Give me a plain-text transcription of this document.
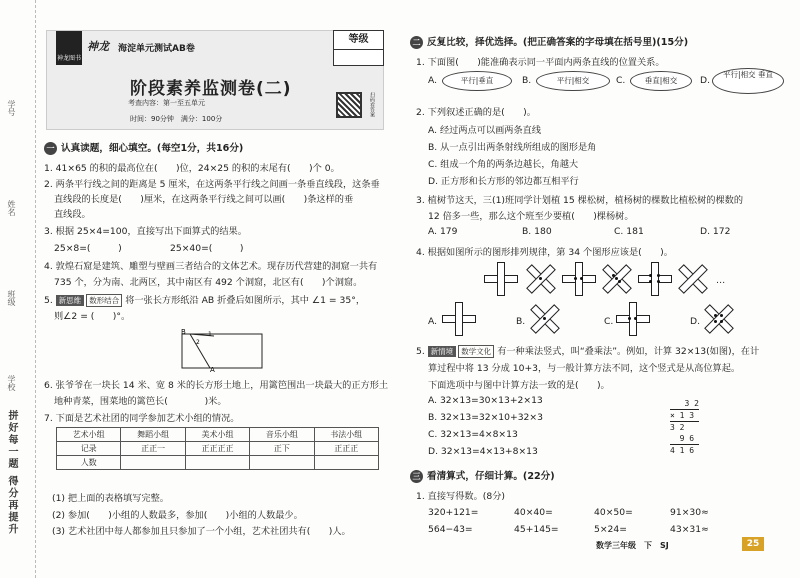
学号
姓名
班级
学校
拼好每一题 得分再提升
神龙图书
神龙 海淀单元测试AB卷
等级
阶段素养监测卷(二)
考查内容：第一至五单元
时间：90分钟　 满分：100分
扫码看答案
一 认真读题，细心填空。(每空1分，共16分)
1. 41×65 的积的最高位在(　　)位，24×25 的积的末尾有(　　)个 0。
2. 两条平行线之间的距离是 5 厘米，在这两条平行线之间画一条垂直线段，这条垂
直线段的长度是(　　)厘米，在这两条平行线之间可以画(　　)条这样的垂
直线段。
3. 根据 25×4=100，直接写出下面算式的结果。
25×8=(　　　)	25×40=(　　　)
4. 敦煌石窟是建筑、雕塑与壁画三者结合的文体艺术。现存历代营建的洞窟一共有
735 个，分为南、北两区，其中南区有 492 个洞窟，北区有(　　)个洞窟。
5. 新思维 数形结合 将一张长方形纸沿 AB 折叠后如图所示，其中 ∠1 = 35°，
则∠2 = (　　)°。
B	1
2
A
6. 张爷爷在一块长 14 米、宽 8 米的长方形土地上，用篱笆围出一块最大的正方形土
地种青菜，围菜地的篱笆长(　　　　)米。
7. 下面是艺术社团的同学参加艺术小组的情况。
艺术小组	舞蹈小组	美术小组	音乐小组	书法小组
记录	正正一	正正正正	正下	正正正
人数				
(1) 把上面的表格填写完整。
(2) 参加(　　)小组的人数最多，参加(　　)小组的人数最少。
(3) 艺术社团中每人都参加且只参加了一个小组，艺术社团共有(　　)人。
二 反复比较，择优选择。(把正确答案的字母填在括号里)(15分)
1. 下面图(　　)能准确表示同一平面内两条直线的位置关系。
A.	平行|垂直	B.	平行|相交	C.	垂直|相交	D.
平行|相交 垂直
2. 下列叙述正确的是(　　)。
A. 经过两点可以画两条直线
B. 从一点引出两条射线所组成的图形是角
C. 组成一个角的两条边越长，角越大
D. 正方形和长方形的邻边都互相平行
3. 植树节这天，三(1)班同学计划植 15 棵松树，植杨树的棵数比植松树的棵数的
12 倍多一些，那么这个班至少要植(　　)棵杨树。
A. 179	B. 180	C. 181	D. 172
4. 根据如图所示的图形排列规律，第 34 个图形应该是(　　)。
…
A.	B.	C.	D.
5. 新情境 数学文化 有一种乘法竖式，叫“叠乘法”。例如，计算 32×13(如图)，在计
算过程中将 13 分成 10+3，与一般计算方法不同，这个竖式是从高位算起。
下面选项中与图中计算方法一致的是(　　)。
A. 32×13=30×13+2×13
B. 32×13=32×10+32×3
C. 32×13=4×8×13
D. 32×13=4×13+8×13
3 2
× 1 3
3 2
9 6
4 1 6
三 看清算式，仔细计算。(22分)
1. 直接写得数。(8分)
320+121=	40×40=	40×50=	91×30≈
564−43=	45+145=	5×24=	43×31≈
数学三年级　下　SJ	25
